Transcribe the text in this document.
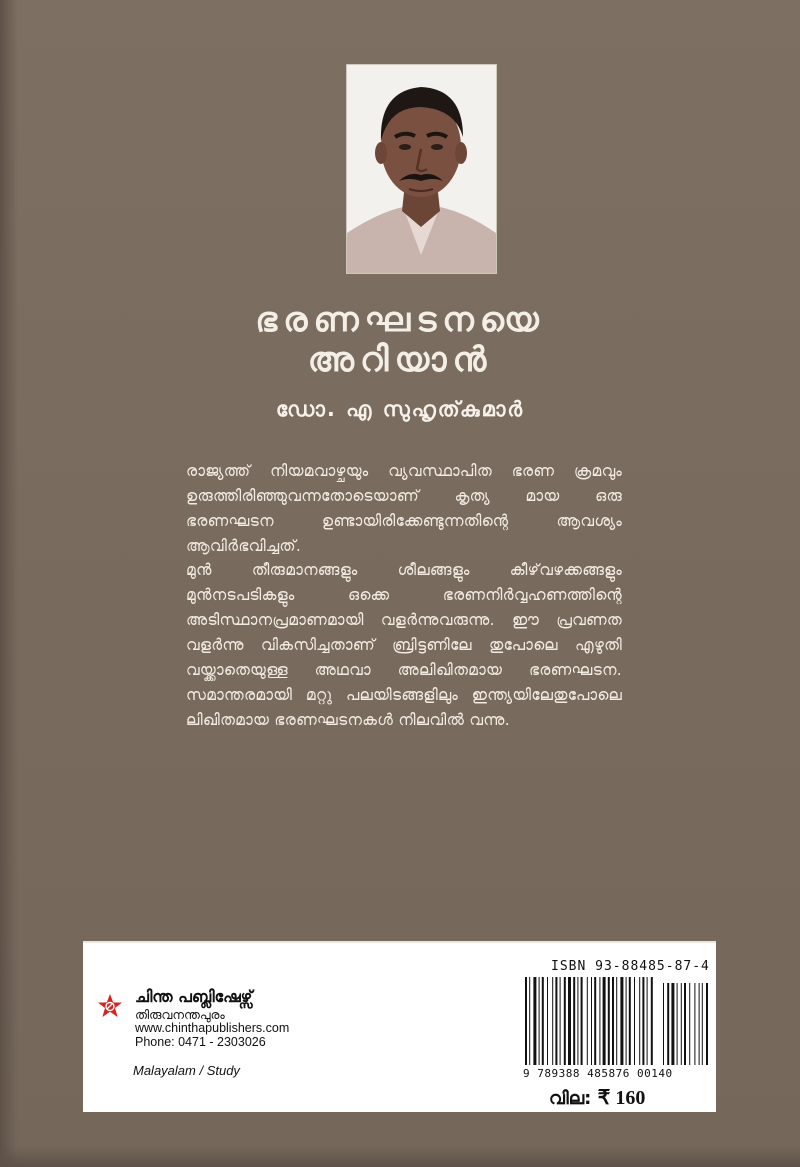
ഭരണഘടനയെ
അറിയാൻ
ഡോ. എ സുഹൃത്കുമാർ
രാജ്യത്ത് നിയമവാഴ്ചയും വ്യവസ്ഥാപിത ഭരണ ക്രമവും ഉരുത്തിരിഞ്ഞുവന്നതോടെയാണ് കൃത്യ മായ ഒരു ഭരണഘടന ഉണ്ടായിരിക്കേണ്ടുന്നതിന്റെ ആവശ്യം ആവിർഭവിച്ചത്.
മുൻ തീരുമാനങ്ങളും ശീലങ്ങളും കീഴ്‌വഴക്കങ്ങളും മുൻനടപടികളും ഒക്കെ ഭരണനിർവ്വഹണത്തിന്റെ അടിസ്ഥാനപ്രമാണമായി വളർന്നുവരുന്നു. ഈ പ്രവണത വളർന്നു വികസിച്ചതാണ് ബ്രിട്ടണിലേ തുപോലെ എഴുതി വയ്ക്കാതെയുള്ള അഥവാ അലിഖിതമായ ഭരണഘടന. സമാന്തരമായി മറ്റു പലയിടങ്ങളിലും ഇന്ത്യയിലേതുപോലെ ലിഖിതമായ ഭരണഘടനകൾ നിലവിൽ വന്നു.
ചിന്ത പബ്ലിഷേഴ്സ്
തിരുവനന്തപുരം
www.chinthapublishers.com
Phone: 0471 - 2303026
Malayalam / Study
ISBN 93-88485-87-4
9 789388 485876 00140
വില: ₹ 160
